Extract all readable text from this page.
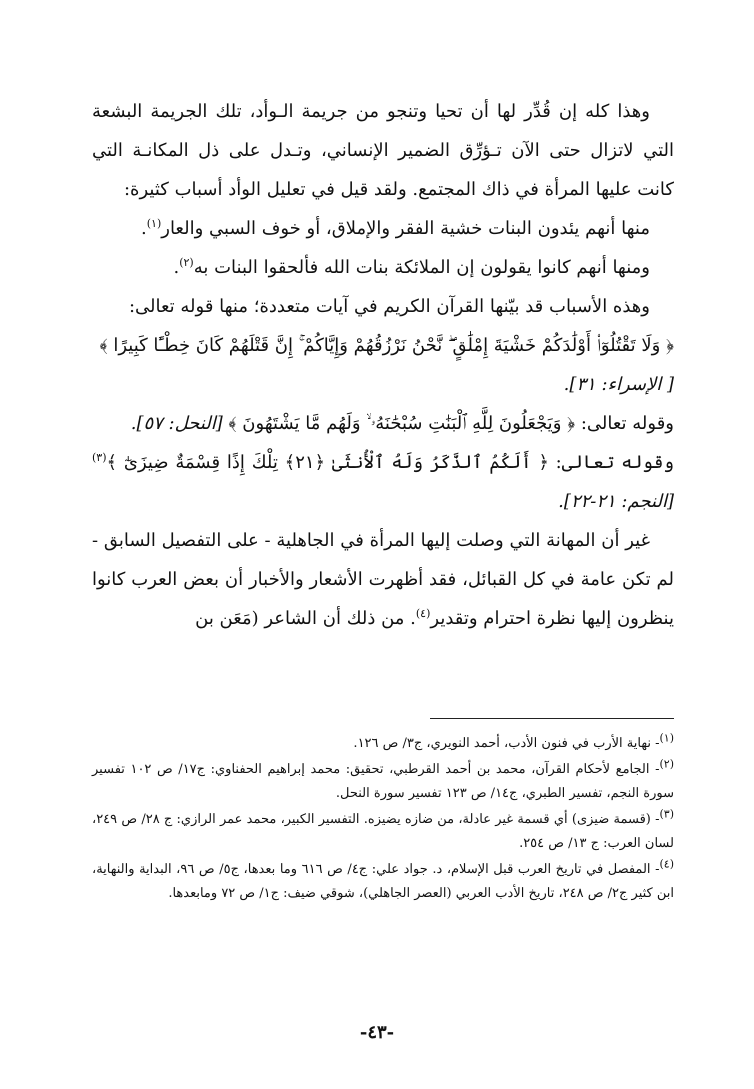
وهذا كله إن قُدِّر لها أن تحيا وتنجو من جريمة الـوأد، تلك الجريمة البشعة التي لاتزال حتى الآن تـؤرِّق الضمير الإنساني، وتـدل على ذل المكانـة التي كانت عليها المرأة في ذاك المجتمع. ولقد قيل في تعليل الوأد أسباب كثيرة:

منها أنهم يئدون البنات خشية الفقر والإملاق، أو خوف السبي والعار$^{(١)}$.

ومنها أنهم كانوا يقولون إن الملائكة بنات الله فألحقوا البنات به$^{(٢)}$.

وهذه الأسباب قد بيّنها القرآن الكريم في آيات متعددة؛ منها قوله تعالى:

﴿ وَلَا تَقْتُلُوٓا۟ أَوْلَٰدَكُمْ خَشْيَةَ إِمْلَٰقٍ ۖ نَّحْنُ نَرْزُقُهُمْ وَإِيَّاكُمْ ۚ إِنَّ قَتْلَهُمْ كَانَ خِطْـًٔا كَبِيرًا ﴾

[ الإسراء: ٣١].

وقوله تعالى: ﴿ وَيَجْعَلُونَ لِلَّهِ ٱلْبَنَٰتِ سُبْحَٰنَهُۥ ۙ وَلَهُم مَّا يَشْتَهُونَ ﴾ [النحل: ٥٧].

وقوله تعالى: ﴿ أَلَكُمُ ٱلذَّكَرُ وَلَهُ ٱلْأُنثَىٰ ﴿٢١﴾ تِلْكَ إِذًا قِسْمَةٌ ضِيزَىٰٓ ﴾$^{(٣)}$[النجم: ٢١-٢٢].

غير أن المهانة التي وصلت إليها المرأة في الجاهلية - على التفصيل السابق - لم تكن عامة في كل القبائل، فقد أظهرت الأشعار والأخبار أن بعض العرب كانوا ينظرون إليها نظرة احترام وتقدير$^{(٤)}$. من ذلك أن الشاعر (مَعَن بن

$^{(١)}$- نهاية الأرب في فنون الأدب، أحمد النويري، ج٣/ ص ١٢٦.

$^{(٢)}$- الجامع لأحكام القرآن، محمد بن أحمد القرطبي، تحقيق: محمد إبراهيم الحفناوي: ج١٧/ ص ١٠٢ تفسير سورة النجم، تفسير الطبري، ج١٤/ ص ١٢٣ تفسير سورة النحل.

$^{(٣)}$- (قسمة ضيزى) أي قسمة غير عادلة، من ضازه يضيزه. التفسير الكبير، محمد عمر الرازي: ج ٢٨/ ص ٢٤٩، لسان العرب: ج ١٣/ ص ٢٥٤.

$^{(٤)}$- المفصل في تاريخ العرب قبل الإسلام، د. جواد علي: ج٤/ ص ٦١٦ وما بعدها، ج٥/ ص ٩٦، البداية والنهاية، ابن كثير ج٢/ ص ٢٤٨، تاريخ الأدب العربي (العصر الجاهلي)، شوقي ضيف: ج١/ ص ٧٢ ومابعدها.

-٤٣-
